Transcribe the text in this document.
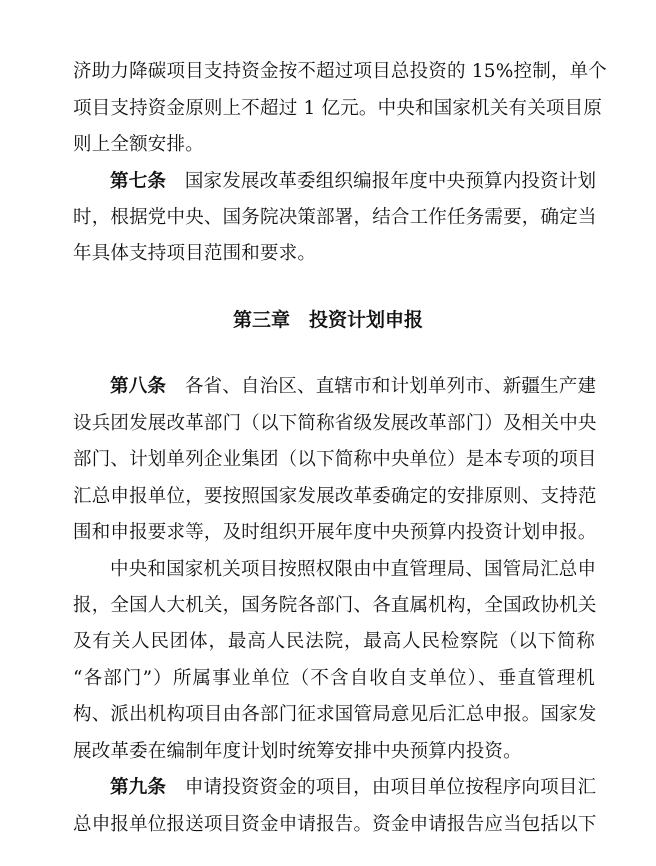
济助力降碳项目支持资金按不超过项目总投资的 15%控制，单个
项目支持资金原则上不超过 1 亿元。中央和国家机关有关项目原
则上全额安排。
第七条　 国家发展改革委组织编报年度中央预算内投资计划
时，根据党中央、国务院决策部署，结合工作任务需要，确定当
年具体支持项目范围和要求。
第三章　 投资计划申报
第八条　 各省、自治区、直辖市和计划单列市、新疆生产建
设兵团发展改革部门（以下简称省级发展改革部门）及相关中央
部门、计划单列企业集团（以下简称中央单位）是本专项的项目
汇总申报单位，要按照国家发展改革委确定的安排原则、支持范
围和申报要求等，及时组织开展年度中央预算内投资计划申报。
中央和国家机关项目按照权限由中直管理局、国管局汇总申
报，全国人大机关，国务院各部门、各直属机构，全国政协机关
及有关人民团体，最高人民法院，最高人民检察院（以下简称
“各部门”）所属事业单位（不含自收自支单位）、垂直管理机
构、派出机构项目由各部门征求国管局意见后汇总申报。国家发
展改革委在编制年度计划时统筹安排中央预算内投资。
第九条　 申请投资资金的项目，由项目单位按程序向项目汇
总申报单位报送项目资金申请报告。资金申请报告应当包括以下
